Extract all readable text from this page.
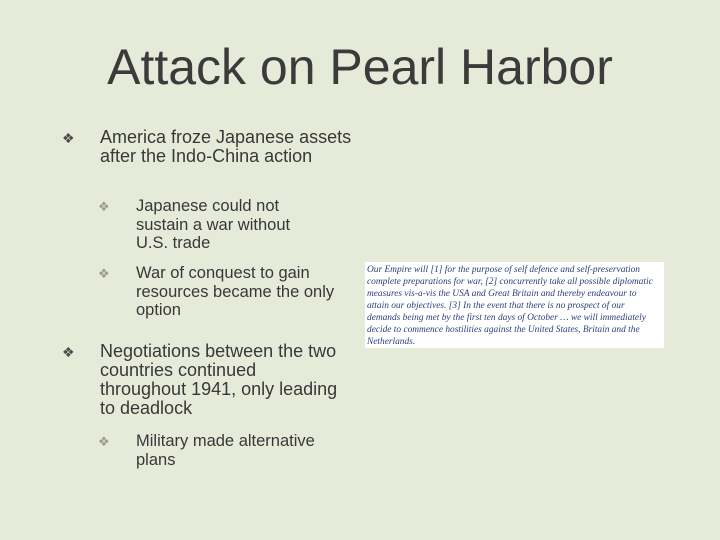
Attack on Pearl Harbor
❖ America froze Japanese assets after the Indo-China action
❖ Japanese could not sustain a war without U.S. trade
❖ War of conquest to gain resources became the only option
❖ Negotiations between the two countries continued throughout 1941, only leading to deadlock
❖ Military made alternative plans
Our Empire will [1] for the purpose of self defence and self-preservation complete preparations for war, [2] concurrently take all possible diplomatic measures vis-a-vis the USA and Great Britain and thereby endeavour to attain our objectives. [3] In the event that there is no prospect of our demands being met by the first ten days of October … we will immediately decide to commence hostilities against the United States, Britain and the Netherlands.
